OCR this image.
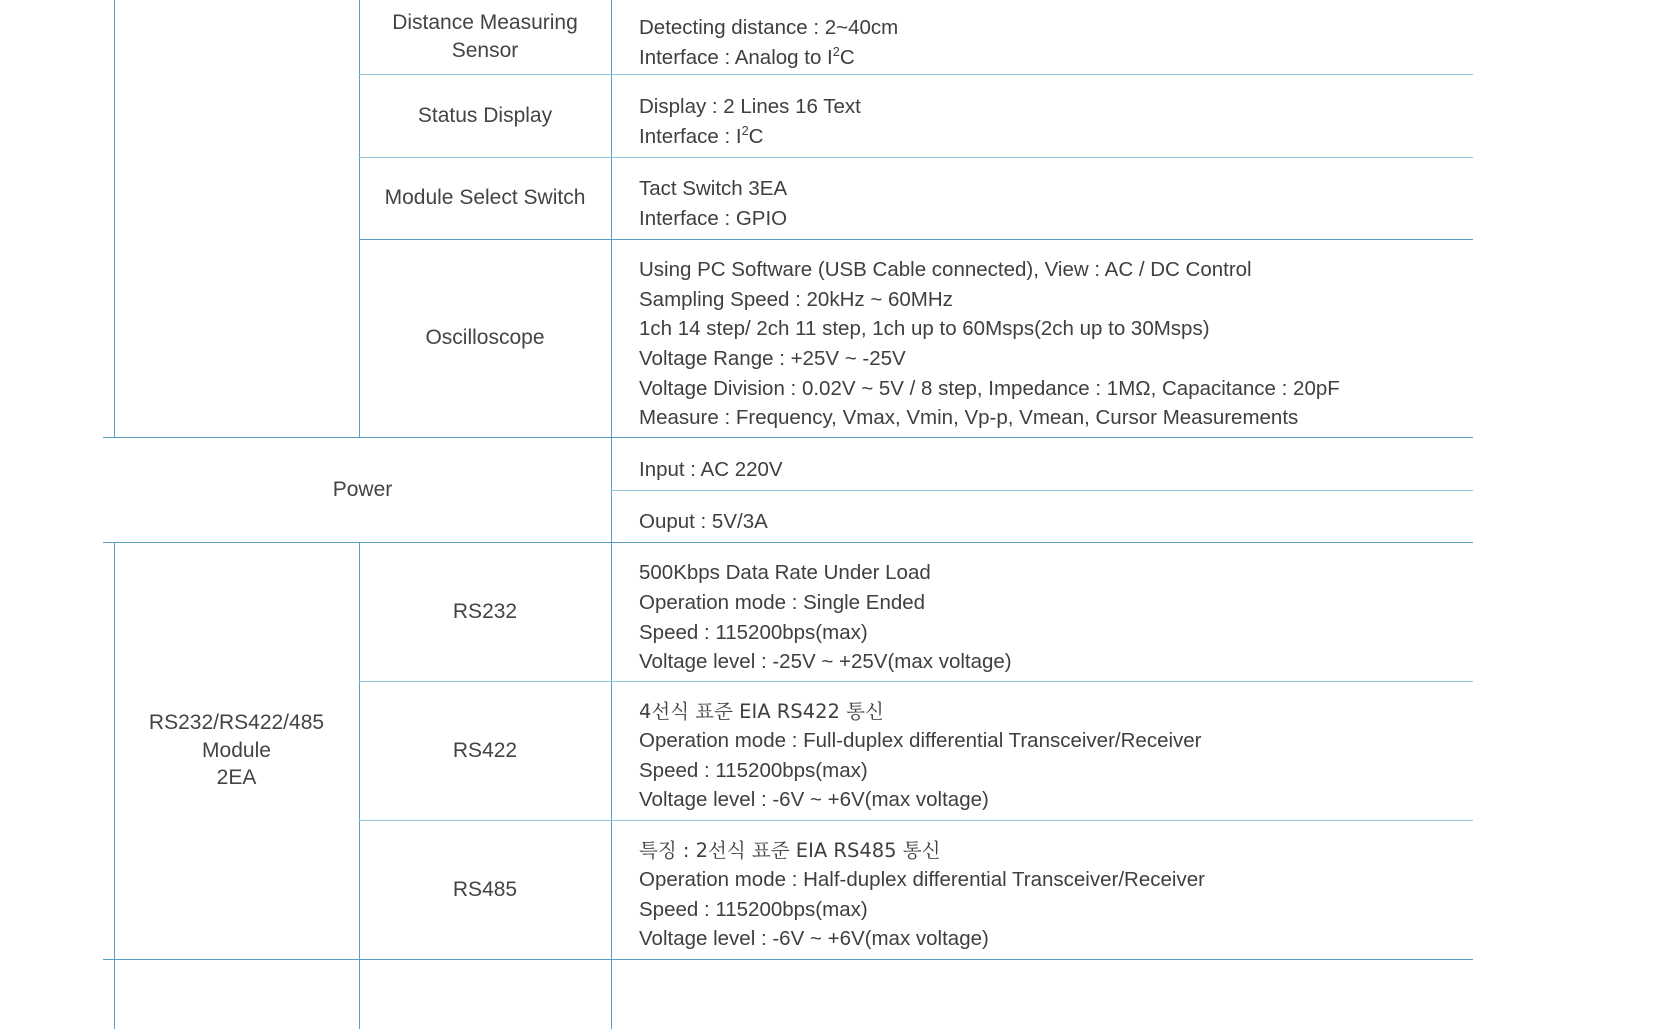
Distance Measuring
Sensor
Detecting distance : 2~40cm
Interface : Analog to $I^2C$
Status Display	Display : 2 Lines 16 Text
Interface : $I^2C$
Module Select Switch	Tact Switch 3EA
Interface : GPIO
Oscilloscope
Using PC Software (USB Cable connected), View : AC / DC Control
Sampling Speed : 20kHz ~ 60MHz
1ch 14 step/ 2ch 11 step, 1ch up to 60Msps(2ch up to 30Msps)
Voltage Range : +25V ~ -25V
Voltage Division : 0.02V ~ 5V / 8 step, Impedance : 1MΩ, Capacitance : 20pF
Measure : Frequency, Vmax, Vmin, Vp-p, Vmean, Cursor Measurements
Power
Input : AC 220V
Ouput : 5V/3A
RS232/RS422/485
Module
2EA
RS232
500Kbps Data Rate Under Load
Operation mode : Single Ended
Speed : 115200bps(max)
Voltage level : -25V ~ +25V(max voltage)
RS422
4선식 표준 EIA RS422 통신
Operation mode : Full-duplex differential Transceiver/Receiver
Speed : 115200bps(max)
Voltage level : -6V ~ +6V(max voltage)
RS485
특징 : 2선식 표준 EIA RS485 통신
Operation mode : Half-duplex differential Transceiver/Receiver
Speed : 115200bps(max)
Voltage level : -6V ~ +6V(max voltage)
